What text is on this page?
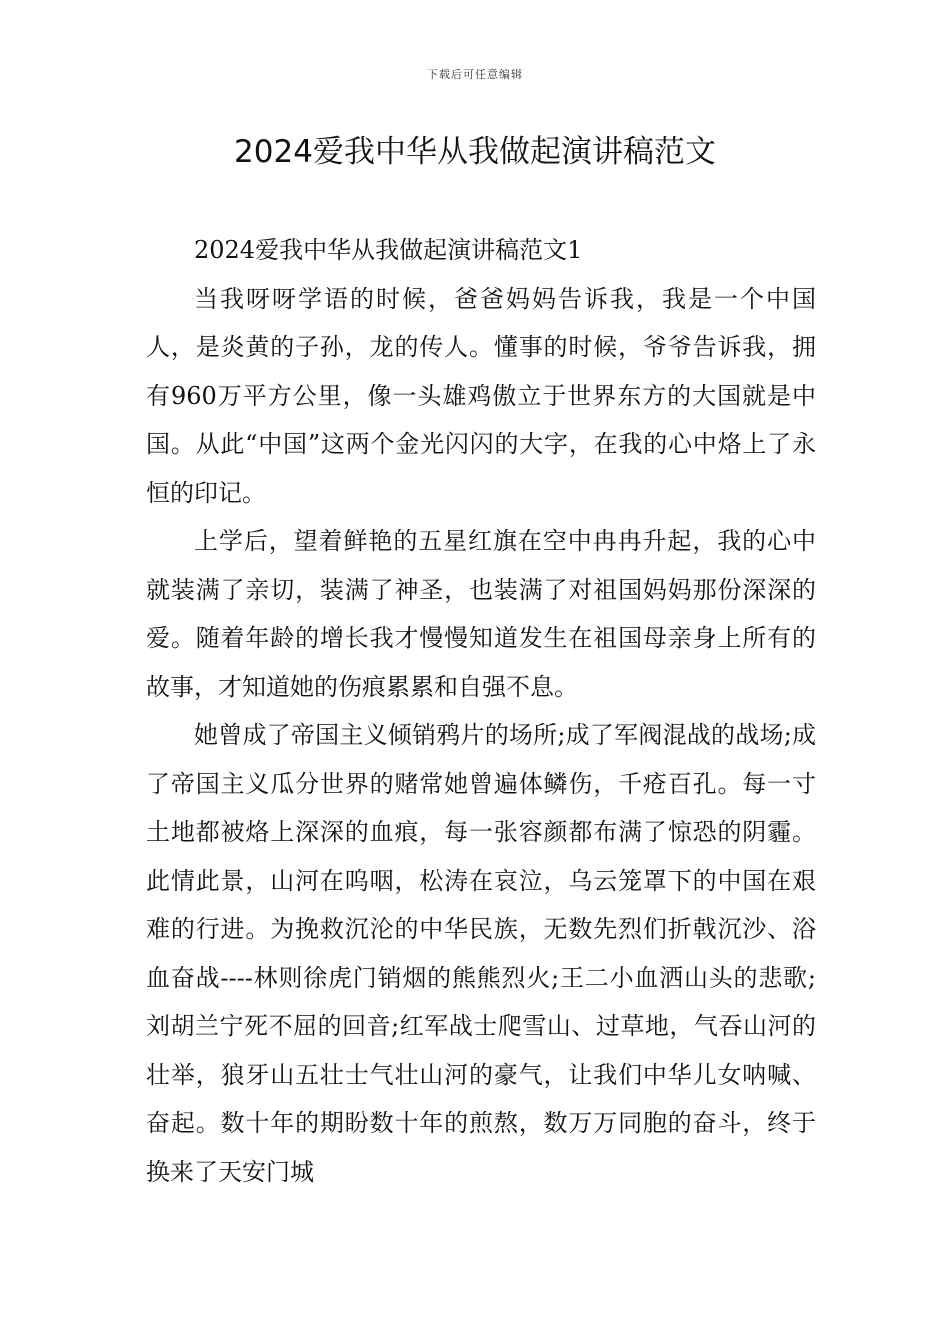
下载后可任意编辑
2024爱我中华从我做起演讲稿范文
2024爱我中华从我做起演讲稿范文1

当我呀呀学语的时候，爸爸妈妈告诉我，我是一个中国人，是炎黄的子孙，龙的传人。懂事的时候，爷爷告诉我，拥有960万平方公里，像一头雄鸡傲立于世界东方的大国就是中国。从此“中国”这两个金光闪闪的大字，在我的心中烙上了永恒的印记。

上学后，望着鲜艳的五星红旗在空中冉冉升起，我的心中就装满了亲切，装满了神圣，也装满了对祖国妈妈那份深深的爱。随着年龄的增长我才慢慢知道发生在祖国母亲身上所有的故事，才知道她的伤痕累累和自强不息。

她曾成了帝国主义倾销鸦片的场所;成了军阀混战的战场;成了帝国主义瓜分世界的赌常她曾遍体鳞伤，千疮百孔。每一寸土地都被烙上深深的血痕，每一张容颜都布满了惊恐的阴霾。此情此景，山河在呜咽，松涛在哀泣，乌云笼罩下的中国在艰难的行进。为挽救沉沦的中华民族，无数先烈们折戟沉沙、浴血奋战----林则徐虎门销烟的熊熊烈火;王二小血洒山头的悲歌;刘胡兰宁死不屈的回音;红军战士爬雪山、过草地，气吞山河的壮举，狼牙山五壮士气壮山河的豪气，让我们中华儿女呐喊、奋起。数十年的期盼数十年的煎熬，数万万同胞的奋斗，终于换来了天安门城
